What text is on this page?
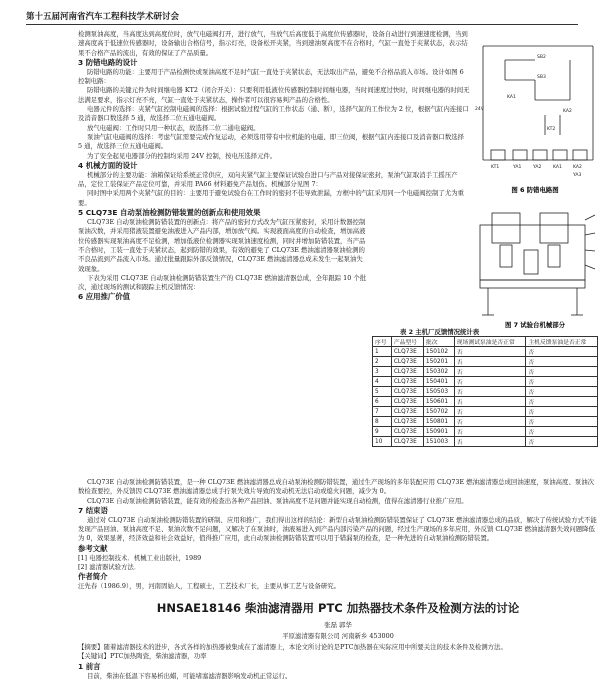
第十五届河南省汽车工程科技学术研讨会

检测泵油高度，当高度达到高度位时，放气电磁阀打开，进行放气，当放气后高度低于高度位传感器时，设备自动进行到速速度检测，当到速高度高于低速位传感器时，设备输出合格信号，指示灯亮，设备松开夹紧，当到速油泵高度不在合格时，气缸一直处于夹紧状态，表示结果不合格产品的流出，有效的保证了产品质量。

3 防错电路的设计

防错电路的功能：主要用于产品检测快或泵油高度不足时气缸一直处于夹紧状态，无法取出产品，避免不合格品流入市场。设计如图 6 控制电路：

防错电路的关键元件为时间继电器 KT2（闭合开关）：只要利用低液位传感器控制时间继电器，当时间速度过快时，时间继电器的时间无法满足要求，指示灯亮不亮，气缸一直处于夹紧状态，操作者可以很容易判产品的合格性。

电器元件的选择：夹紧气缸控制电磁阀的选择：根据试验过程气缸的工作状态（通、断），选择气缸的工作位为 2 位，根据气缸内连接口及消音器口数选择 5 通，故选择二位五通电磁阀。

放气电磁阀：工作时只用一种状态，故选择二位二通电磁阀。

泵油气缸电磁阀的选择：考虑气缸需要完成作复运动，必须选用带有中位机能的电磁、即三位阀，根据气缸内连接口及消音器口数选择 5 通，故选择三位五通电磁阀。

为了安全起见电器部分的控制均采用 24V 控制，按电压选择元件。

4 机械方面的设计

机械部分的主要功能：油箱保证给系统正常供应，双向夹紧气缸主要保证试验台进口与产品对接保证密封，泵油气缸取消手工摇压产品，定位工装保证产品定位可靠，并采用 PA66 材料避免产品划伤。机械部分见图 7：

同时图中采用两个夹紧气缸的目的：主要用于避免试验台在工作时的密封不佳导致泄漏，方框中的气缸采用同一个电磁阀控制了尤为重要。

5 CLQ73E 自动泵油检测防错装置的创新点和使用效果

CLQ73E 自动泵油检测防错装置的创新点：将产品的密封方式改为气缸压紧密封，采用计数器控制泵油次数，并采用猪液装置避免油液进入产品内部，增加放气阀。实现液面高度的自动检查，增加高液位传感器实现泵油高度不足检测，增加低液位检测器实现泵油速度检测，同时并增加防错装置，当产品不合格时，工装一直处于夹紧状态，起到防错的效果，有效的避免了 CLQ73E 燃油滤清器泵油检测的不良品流到产品流入市场。通过批量跟踪外部反馈情况，CLQ73E 燃油滤清器总成未发生一起泵油失效现象。

下表为采用 CLQ73E 自动泵油检测防错装置生产的 CLQ73E 燃油滤清器总成，全年跟踪 10 个批次，通过现场的测试和跟踪主机反馈情况：

6 应用推广价值
SB2
SB3
KA1
KA2
KT2
24V
KT1	YA1	YA2	KA1 KA2
YA3
图 6 防错电路图
图 7 试验台机械部分
表 2 主机厂反馈情况统计表
序号	产品型号	批次	现场测试泵油是否正常	主机反馈泵油是否正常
1	CLQ73E	150102	否	否
2	CLQ73E	150201	否	否
3	CLQ73E	150302	否	否
4	CLQ73E	150401	否	否
5	CLQ73E	150503	否	否
6	CLQ73E	150601	否	否
7	CLQ73E	150702	否	否
8	CLQ73E	150801	否	否
9	CLQ73E	150901	否	否
10	CLQ73E	151003	否	否

CLQ73E 自动泵油检测防错装置，是一种 CLQ73E 燃油滤清器总成自动泵油检测防错装置，通过生产现场的多年装配应用 CLQ73E 燃油滤清器总成回油速度，泵油高度、泵油次数检查要控，外反馈因 CLQ73E 燃油滤清器总成手拧泵失效片导致的发动机无法启动或熄火问题，减少为 0。

CLQ73E 自动泵油检测防错装置，能有效的检查出各种产品回油、泵油高度不足问题并能实现自动检测，值得在滤清器行业推广应用。

7 结束语

通过对 CLQ73E 自动泵油检测防错装置的研制、应用和推广，我们得出这样的结论：新型自动泵油检测防错装置保证了 CLQ73E 燃油滤清器总成的品质，解决了传统试验方式不能发现产品回油、泵油高度不足、泵油次数不足问题，又解决了在泵油时，油液易进入到产品内部污染产品的问题，经过生产现场的多年应用，外反馈 CLQ73E 燃油滤清器失效问题降低为 0，效果显著，经济效益和社会效益好，值得推广应用，此自动泵油检测防错装置可以用于错漏泵的检查，是一种先进的自动泵油检测防错装置。

参考文献

[1] 电器控制技术．机械工业出版社，1989

[2] 滤清器试验方法．

作者简介

汪先春（1986.9），男，河南固始人，工程硕士，工艺技术厂长，主要从事工艺与设备研究。

HNSAE18146 柴油滤清器用 PTC 加热器技术条件及检测方法的讨论
张磊 郭华
平原滤清器有限公司 河南新乡 453000

【摘要】随着滤清器技术的进步，各式各样的加热器被集成在了滤清器上，本论文所讨论的是PTC加热器在实际应用中所要关注的技术条件及检测方法。

【关键词】PTC加热陶瓷，柴油滤清器，功率

1 前言

目前，柴油在低温下容易析出蜡，可能堵塞滤清器影响发动机正常运行。
